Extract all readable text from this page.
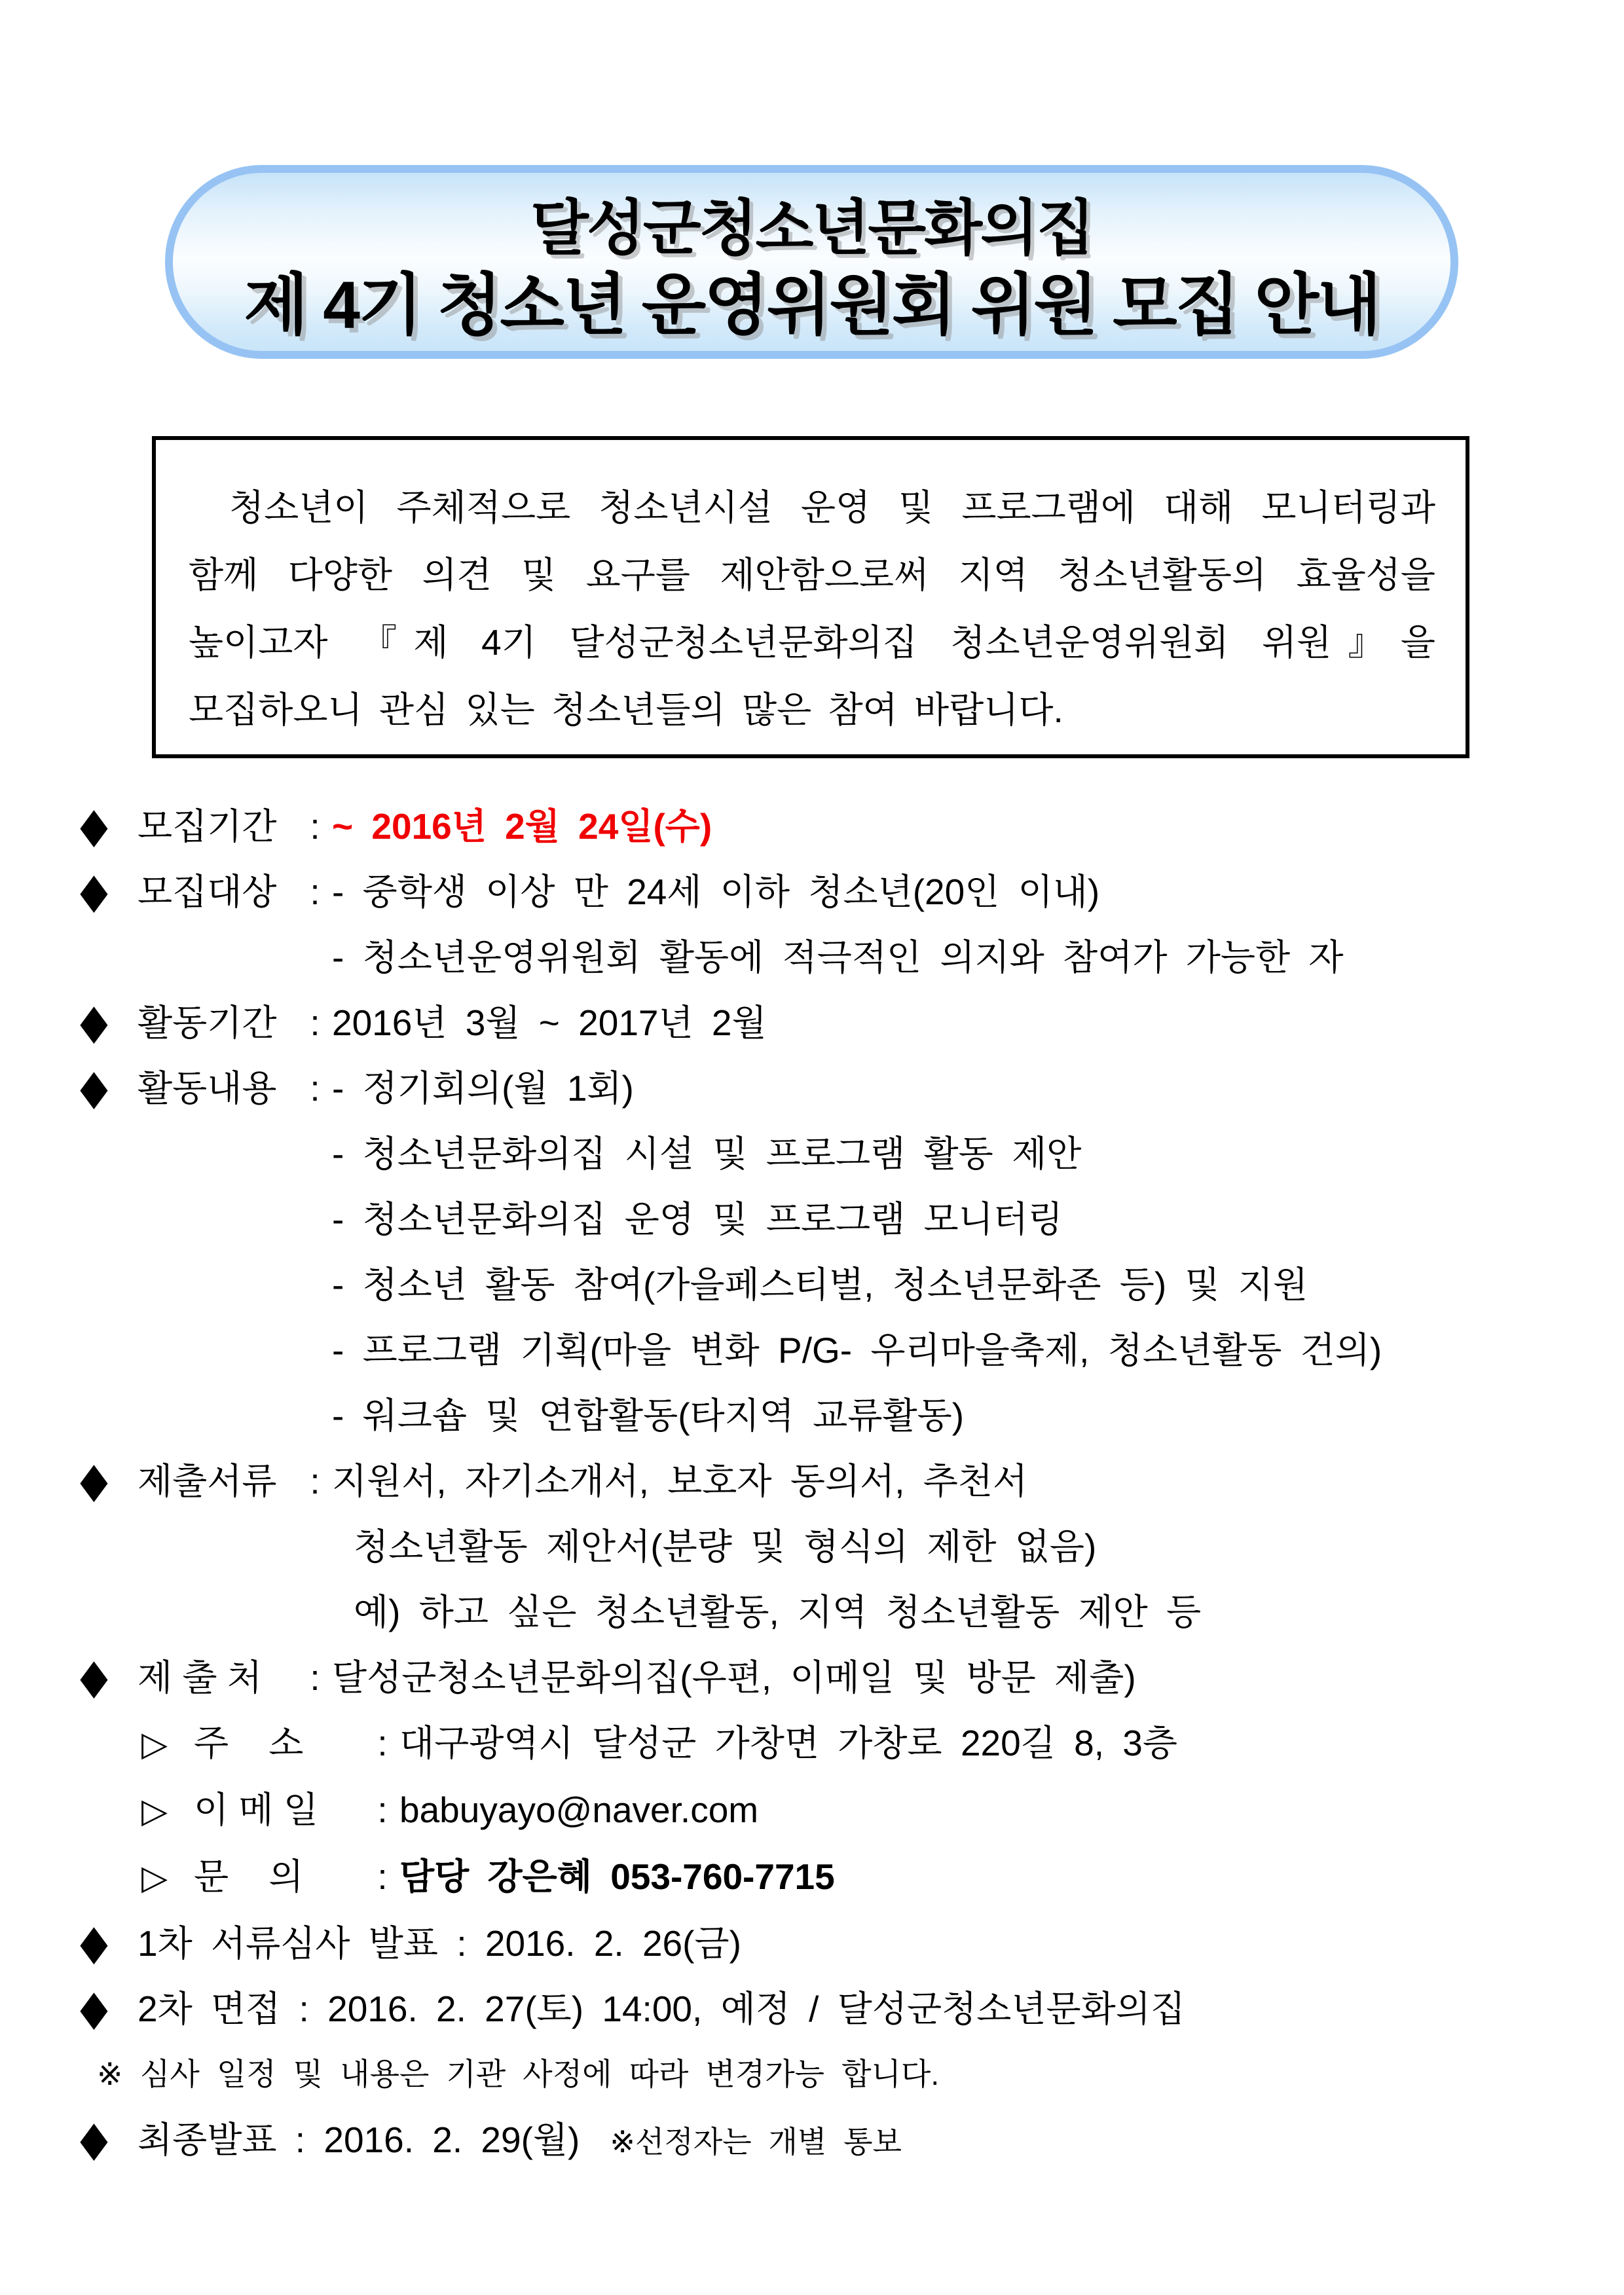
달성군청소년문화의집
제 4기 청소년 운영위원회 위원 모집 안내

청소년이 주체적으로 청소년시설 운영 및 프로그램에 대해 모니터링과

함께 다양한 의견 및 요구를 제안함으로써 지역 청소년활동의 효율성을

높이고자 『제 4기 달성군청소년문화의집 청소년운영위원회 위원』을

모집하오니 관심 있는 청소년들의 많은 참여 바랍니다.

◆ 모집기간 : ~ 2016년 2월 24일(수)
◆ 모집대상 : - 중학생 이상 만 24세 이하 청소년(20인 이내)
- 청소년운영위원회 활동에 적극적인 의지와 참여가 가능한 자
◆ 활동기간 : 2016년 3월 ~ 2017년 2월
◆ 활동내용 : - 정기회의(월 1회)
- 청소년문화의집 시설 및 프로그램 활동 제안
- 청소년문화의집 운영 및 프로그램 모니터링
- 청소년 활동 참여(가을페스티벌, 청소년문화존 등) 및 지원
- 프로그램 기획(마을 변화 P/G- 우리마을축제, 청소년활동 건의)
- 워크숍 및 연합활동(타지역 교류활동)
◆ 제출서류 : 지원서, 자기소개서, 보호자 동의서, 추천서
청소년활동 제안서(분량 및 형식의 제한 없음)
예) 하고 싶은 청소년활동, 지역 청소년활동 제안 등
◆ 제 출 처 : 달성군청소년문화의집(우편, 이메일 및 방문 제출)
▷ 주    소 : 대구광역시 달성군 가창면 가창로 220길 8, 3층
▷ 이 메 일 : babuyayo@naver.com
▷ 문    의 : 담당 강은혜 053-760-7715
◆ 1차 서류심사 발표 : 2016. 2. 26(금)
◆ 2차 면접 : 2016. 2. 27(토) 14:00, 예정 / 달성군청소년문화의집
※ 심사 일정 및 내용은 기관 사정에 따라 변경가능 합니다.
◆ 최종발표 : 2016. 2. 29(월) ※선정자는 개별 통보
